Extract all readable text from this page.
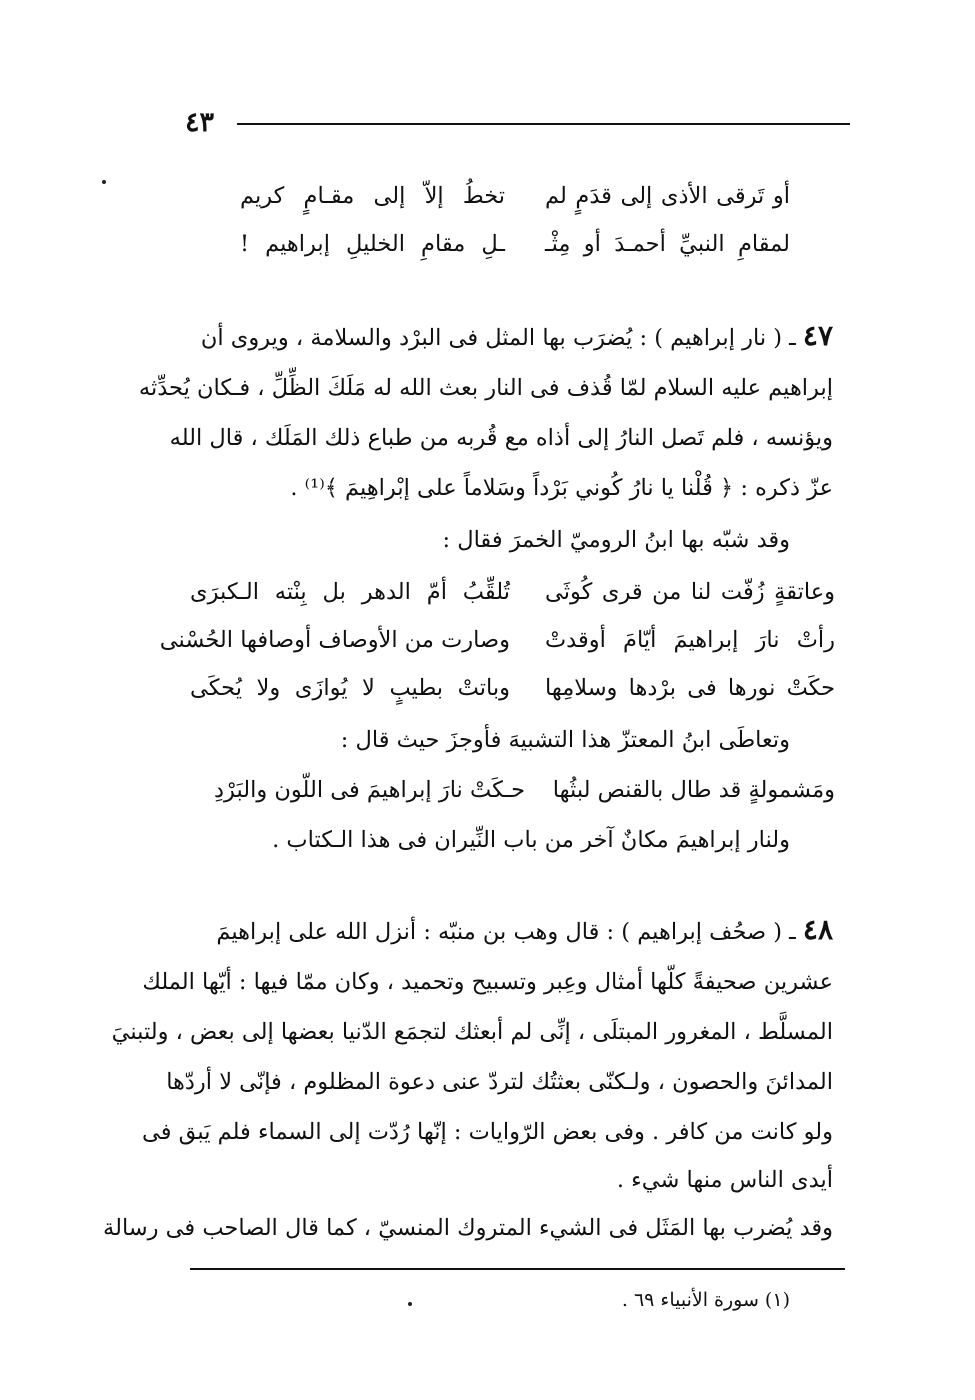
٤٣
أو تَرقى الأذى إلى قدَمٍ لم
تخطُ إلاّ إلى مقـامٍ كريم
لمقامِ النبيِّ أحمـدَ أو مِثْـ
ـلِ مقامِ الخليلِ إبراهيم !
٤٧ ـ ( نار إبراهيم ) : يُضرَب بها المثل فى البرْد والسلامة ، ويروى أن
إبراهيم عليه السلام لمّا قُذف فى النار بعث الله له مَلَكَ الظِّلِّ ، فـكان يُحدِّثه
ويؤنسه ، فلم تَصل النارُ إلى أذاه مع قُربه من طباع ذلك المَلَك ، قال الله
عزّ ذكره : ﴿ قُلْنا يا نارُ كُوني بَرْداً وسَلاماً على إبْراهِيمَ ﴾⁽¹⁾ .
وقد شبّه بها ابنُ الروميّ الخمرَ فقال :
وعاتقةٍ زُفّت لنا من قرى كُوثَى
تُلقِّبُ أمّ الدهر بل بِنْته الـكبرَى
رأتْ نارَ إبراهيمَ أيّامَ أوقدتْ
وصارت من الأوصاف أوصافها الحُسْنى
حكَتْ نورها فى برْدها وسلامِها
وباتتْ بطيبٍ لا يُوازَى ولا يُحكَى
وتعاطَى ابنُ المعتزّ هذا التشبيهَ فأوجزَ حيث قال :
ومَشمولةٍ قد طال بالقنص لبثُها
حـكَتْ نارَ إبراهيمَ فى اللّون والبَرْدِ
ولنار إبراهيمَ مكانٌ آخر من باب النِّيران فى هذا الـكتاب .
٤٨ ـ ( صحُف إبراهيم ) : قال وهب بن منبّه : أنزل الله على إبراهيمَ
عشرين صحيفةً كلّها أمثال وعِبر وتسبيح وتحميد ، وكان ممّا فيها : أيّها الملك
المسلَّط ، المغرور المبتلَى ، إنِّى لم أبعثك لتجمَع الدّنيا بعضها إلى بعض ، ولتبنيَ
المدائنَ والحصون ، ولـكنّى بعثتُك لتردّ عنى دعوة المظلوم ، فإنّى لا أردّها
ولو كانت من كافر . وفى بعض الرّوايات : إنّها رُدّت إلى السماء فلم يَبق فى
أيدى الناس منها شيء .
وقد يُضرب بها المَثَل فى الشيء المتروك المنسيّ ، كما قال الصاحب فى رسالة
(١) سورة الأنبياء ٦٩ .
